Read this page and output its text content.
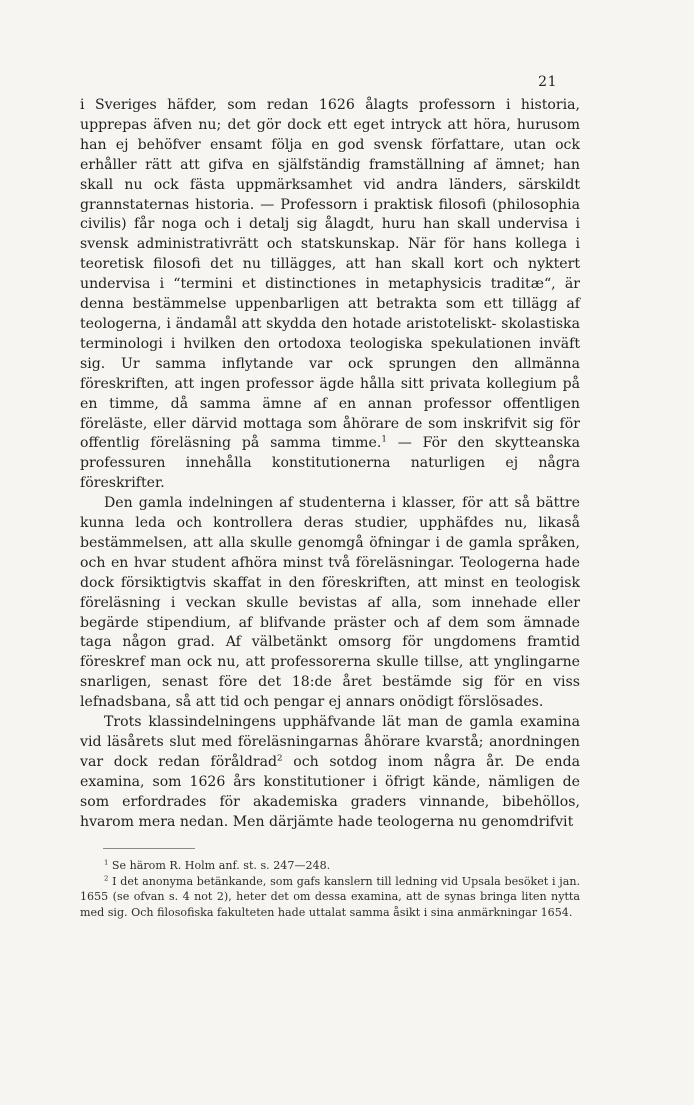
21

i Sveriges häfder, som redan 1626 ålagts professorn i historia, upprepas äfven nu; det gör dock ett eget intryck att höra, hurusom han ej behöfver ensamt följa en god svensk författare, utan ock erhåller rätt att gifva en själfständig framställning af ämnet; han skall nu ock fästa uppmärksamhet vid andra länders, särskildt grannstaternas historia. — Professorn i praktisk filosofi (philosophia civilis) får noga och i detalj sig ålagdt, huru han skall undervisa i svensk administrativrätt och statskunskap. När för hans kollega i teoretisk filosofi det nu tillägges, att han skall kort och nyktert undervisa i “termini et distinctiones in metaphysicis traditæ“, är denna bestämmelse uppenbarligen att betrakta som ett tillägg af teologerna, i ändamål att skydda den hotade aristoteliskt- skolastiska terminologi i hvilken den ortodoxa teologiska spekulationen inväft sig. Ur samma inflytande var ock sprungen den allmänna föreskriften, att ingen professor ägde hålla sitt privata kollegium på en timme, då samma ämne af en annan professor offentligen föreläste, eller därvid mottaga som åhörare de som inskrifvit sig för offentlig föreläsning på samma timme.$^1$ — För den skytteanska professuren innehålla konstitutionerna naturligen ej några föreskrifter.

Den gamla indelningen af studenterna i klasser, för att så bättre kunna leda och kontrollera deras studier, upphäfdes nu, likaså bestämmelsen, att alla skulle genomgå öfningar i de gamla språken, och en hvar student afhöra minst två föreläsningar. Teologerna hade dock försiktigtvis skaffat in den föreskriften, att minst en teologisk föreläsning i veckan skulle bevistas af alla, som innehade eller begärde stipendium, af blifvande präster och af dem som ämnade taga någon grad. Af välbetänkt omsorg för ungdomens framtid föreskref man ock nu, att professorerna skulle tillse, att ynglingarne snarligen, senast före det 18:de året bestämde sig för en viss lefnadsbana, så att tid och pengar ej annars onödigt förslösades.

Trots klassindelningens upphäfvande lät man de gamla examina vid läsårets slut med föreläsningarnas åhörare kvarstå; anordningen var dock redan föråldrad$^2$ och sotdog inom några år. De enda examina, som 1626 års konstitutioner i öfrigt kände, nämligen de som erfordrades för akademiska graders vinnande, bibehöllos, hvarom mera nedan. Men därjämte hade teologerna nu genomdrifvit

$^1$ Se härom R. Holm anf. st. s. 247—248.

$^2$ I det anonyma betänkande, som gafs kanslern till ledning vid Upsala besöket i jan. 1655 (se ofvan s. 4 not 2), heter det om dessa examina, att de synas bringa liten nytta med sig. Och filosofiska fakulteten hade uttalat samma åsikt i sina anmärkningar 1654.
